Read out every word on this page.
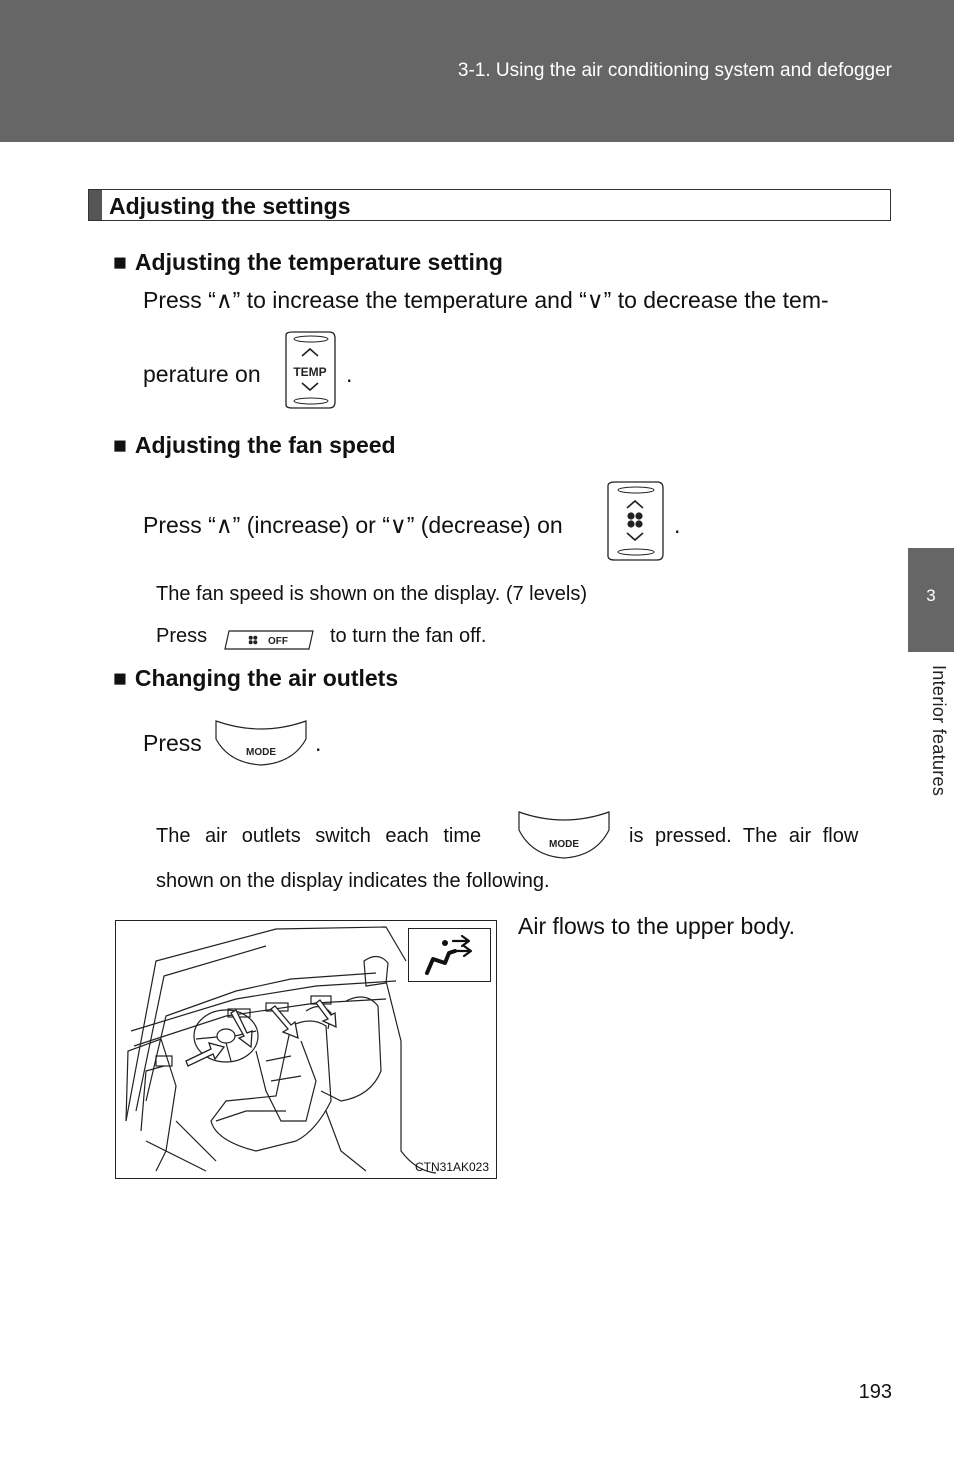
3-1. Using the air conditioning system and defogger
3
Interior features
Adjusting the settings
■ Adjusting the temperature setting
Press “∧” to increase the temperature and “∨” to decrease the tem-
perature on	TEMP .
■ Adjusting the fan speed
Press “∧” (increase) or “∨” (decrease) on	.
The fan speed is shown on the display. (7 levels)
Press	OFF to turn the fan off.
■ Changing the air outlets
Press	MODE .
The air outlets switch each time	MODE	is pressed. The air flow
shown on the display indicates the following.
CTN31AK023
Air flows to the upper body.
193
